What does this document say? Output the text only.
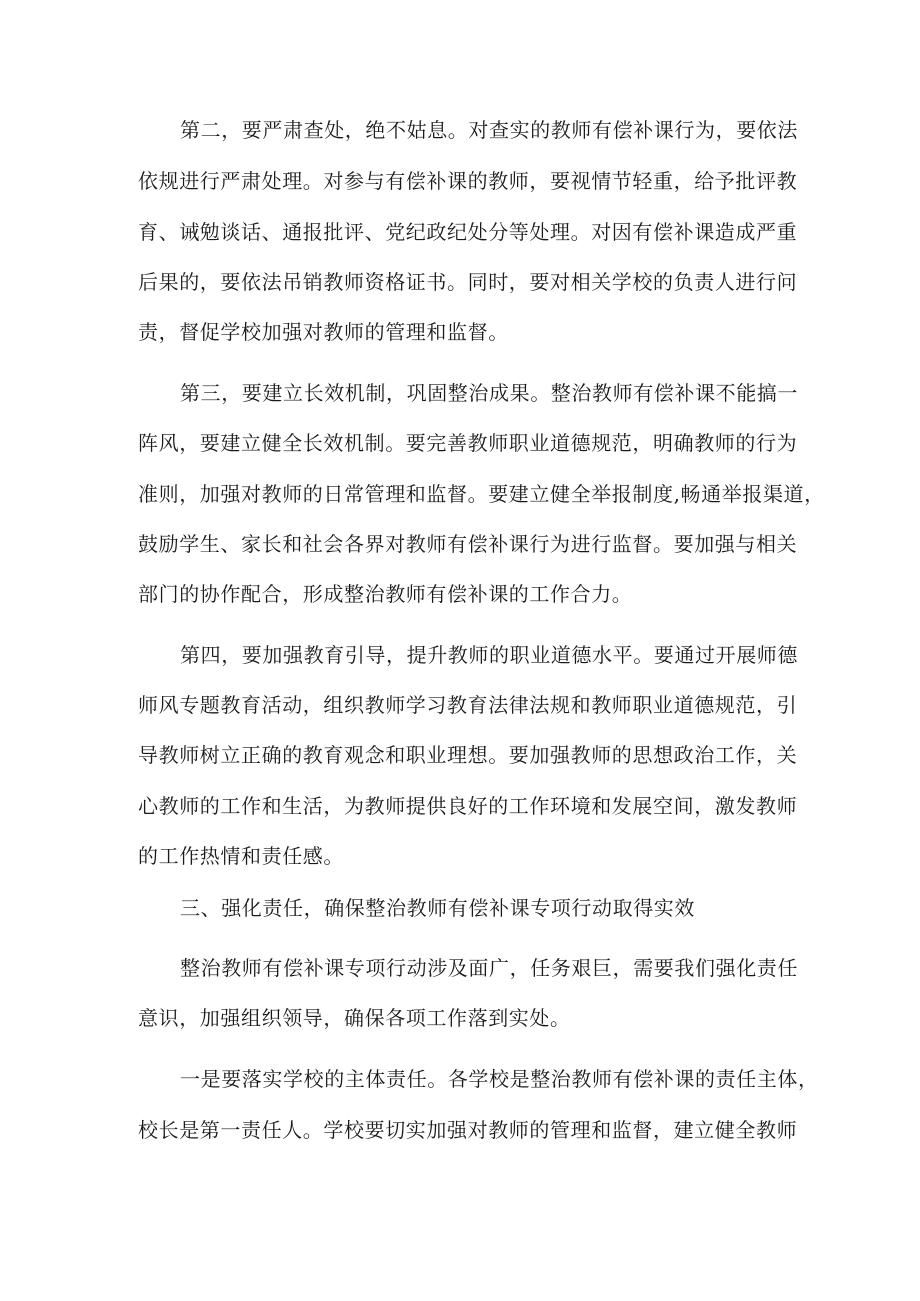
第二，要严肃查处，绝不姑息。对查实的教师有偿补课行为，要依法
依规进行严肃处理。对参与有偿补课的教师，要视情节轻重，给予批评教
育、诫勉谈话、通报批评、党纪政纪处分等处理。对因有偿补课造成严重
后果的，要依法吊销教师资格证书。同时，要对相关学校的负责人进行问
责，督促学校加强对教师的管理和监督。
第三，要建立长效机制，巩固整治成果。整治教师有偿补课不能搞一
阵风，要建立健全长效机制。要完善教师职业道德规范，明确教师的行为
准则，加强对教师的日常管理和监督。要建立健全举报制度,畅通举报渠道，
鼓励学生、家长和社会各界对教师有偿补课行为进行监督。要加强与相关
部门的协作配合，形成整治教师有偿补课的工作合力。
第四，要加强教育引导，提升教师的职业道德水平。要通过开展师德
师风专题教育活动，组织教师学习教育法律法规和教师职业道德规范，引
导教师树立正确的教育观念和职业理想。要加强教师的思想政治工作，关
心教师的工作和生活，为教师提供良好的工作环境和发展空间，激发教师
的工作热情和责任感。
三、强化责任，确保整治教师有偿补课专项行动取得实效
整治教师有偿补课专项行动涉及面广，任务艰巨，需要我们强化责任
意识，加强组织领导，确保各项工作落到实处。
一是要落实学校的主体责任。各学校是整治教师有偿补课的责任主体，
校长是第一责任人。学校要切实加强对教师的管理和监督，建立健全教师
